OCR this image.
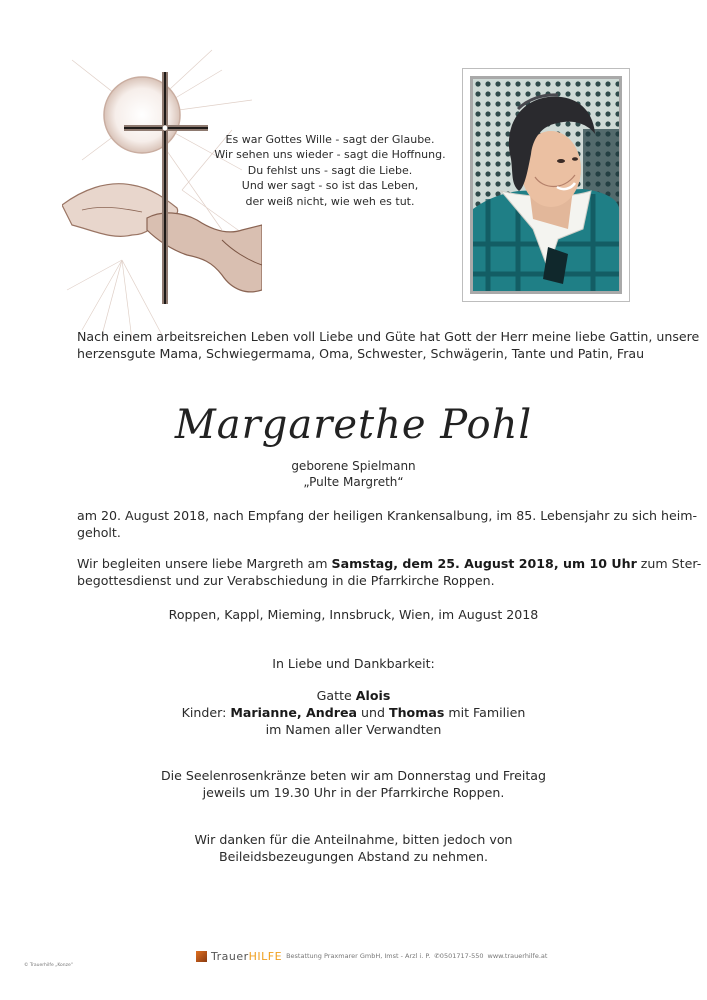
Es war Gottes Wille - sagt der Glaube.
Wir sehen uns wieder - sagt die Hoffnung.
Du fehlst uns - sagt die Liebe.
Und wer sagt - so ist das Leben,
der weiß nicht, wie weh es tut.
Nach einem arbeitsreichen Leben voll Liebe und Güte hat Gott der Herr meine liebe Gattin, unsere
herzensgute Mama, Schwiegermama, Oma, Schwester, Schwägerin, Tante und Patin, Frau
Margarethe Pohl
geborene Spielmann
„Pulte Margreth“
am 20. August 2018, nach Empfang der heiligen Krankensalbung, im 85. Lebensjahr zu sich heim-
geholt.
Wir begleiten unsere liebe Margreth am Samstag, dem 25. August 2018, um 10 Uhr zum Ster-
begottesdienst und zur Verabschiedung in die Pfarrkirche Roppen.
Roppen, Kappl, Mieming, Innsbruck, Wien, im August 2018
In Liebe und Dankbarkeit:
Gatte Alois
Kinder: Marianne, Andrea und Thomas mit Familien
im Namen aller Verwandten
Die Seelenrosenkränze beten wir am Donnerstag und Freitag
jeweils um 19.30 Uhr in der Pfarrkirche Roppen.
Wir danken für die Anteilnahme, bitten jedoch von
Beileidsbezeugungen Abstand zu nehmen.
Trauer HILFE Bestattung Praxmarer GmbH, Imst - Arzl i. P. ✆0501717-550 www.trauerhilfe.at
© Trauerhilfe „Konze“
